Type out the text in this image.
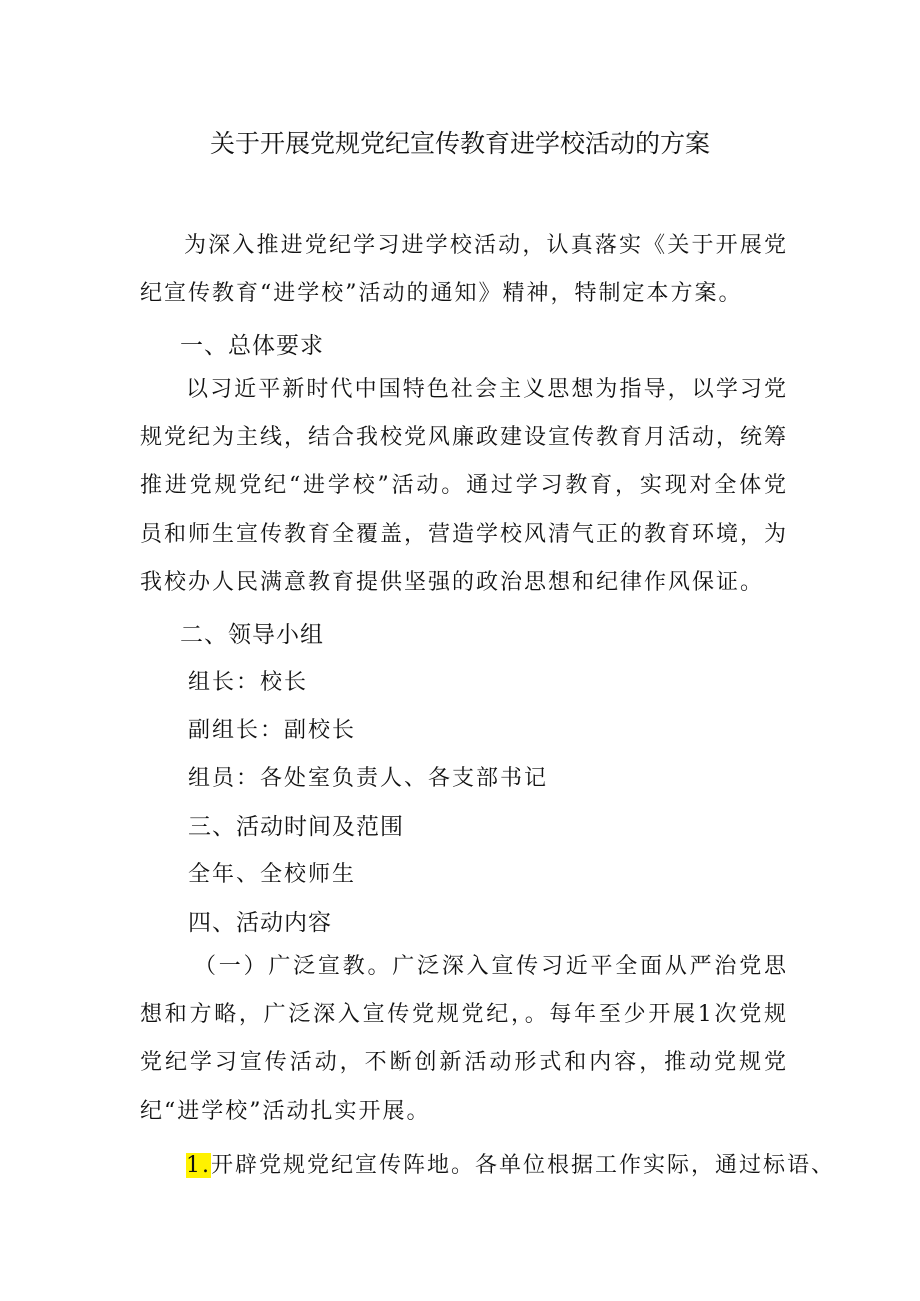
关于开展党规党纪宣传教育进学校活动的方案

为深入推进党纪学习进学校活动，认真落实《关于开展党纪宣传教育“进学校”活动的通知》精神，特制定本方案。

一、总体要求

以习近平新时代中国特色社会主义思想为指导，以学习党规党纪为主线，结合我校党风廉政建设宣传教育月活动，统筹推进党规党纪“进学校”活动。通过学习教育，实现对全体党员和师生宣传教育全覆盖，营造学校风清气正的教育环境，为我校办人民满意教育提供坚强的政治思想和纪律作风保证。

二、领导小组

组长：校长

副组长：副校长

组员：各处室负责人、各支部书记

三、活动时间及范围

全年、全校师生

四、活动内容

（一）广泛宣教。广泛深入宣传习近平全面从严治党思想和方略，广泛深入宣传党规党纪，。每年至少开展1次党规党纪学习宣传活动，不断创新活动形式和内容，推动党规党纪“进学校”活动扎实开展。

1.开辟党规党纪宣传阵地。各单位根据工作实际，通过标语、
